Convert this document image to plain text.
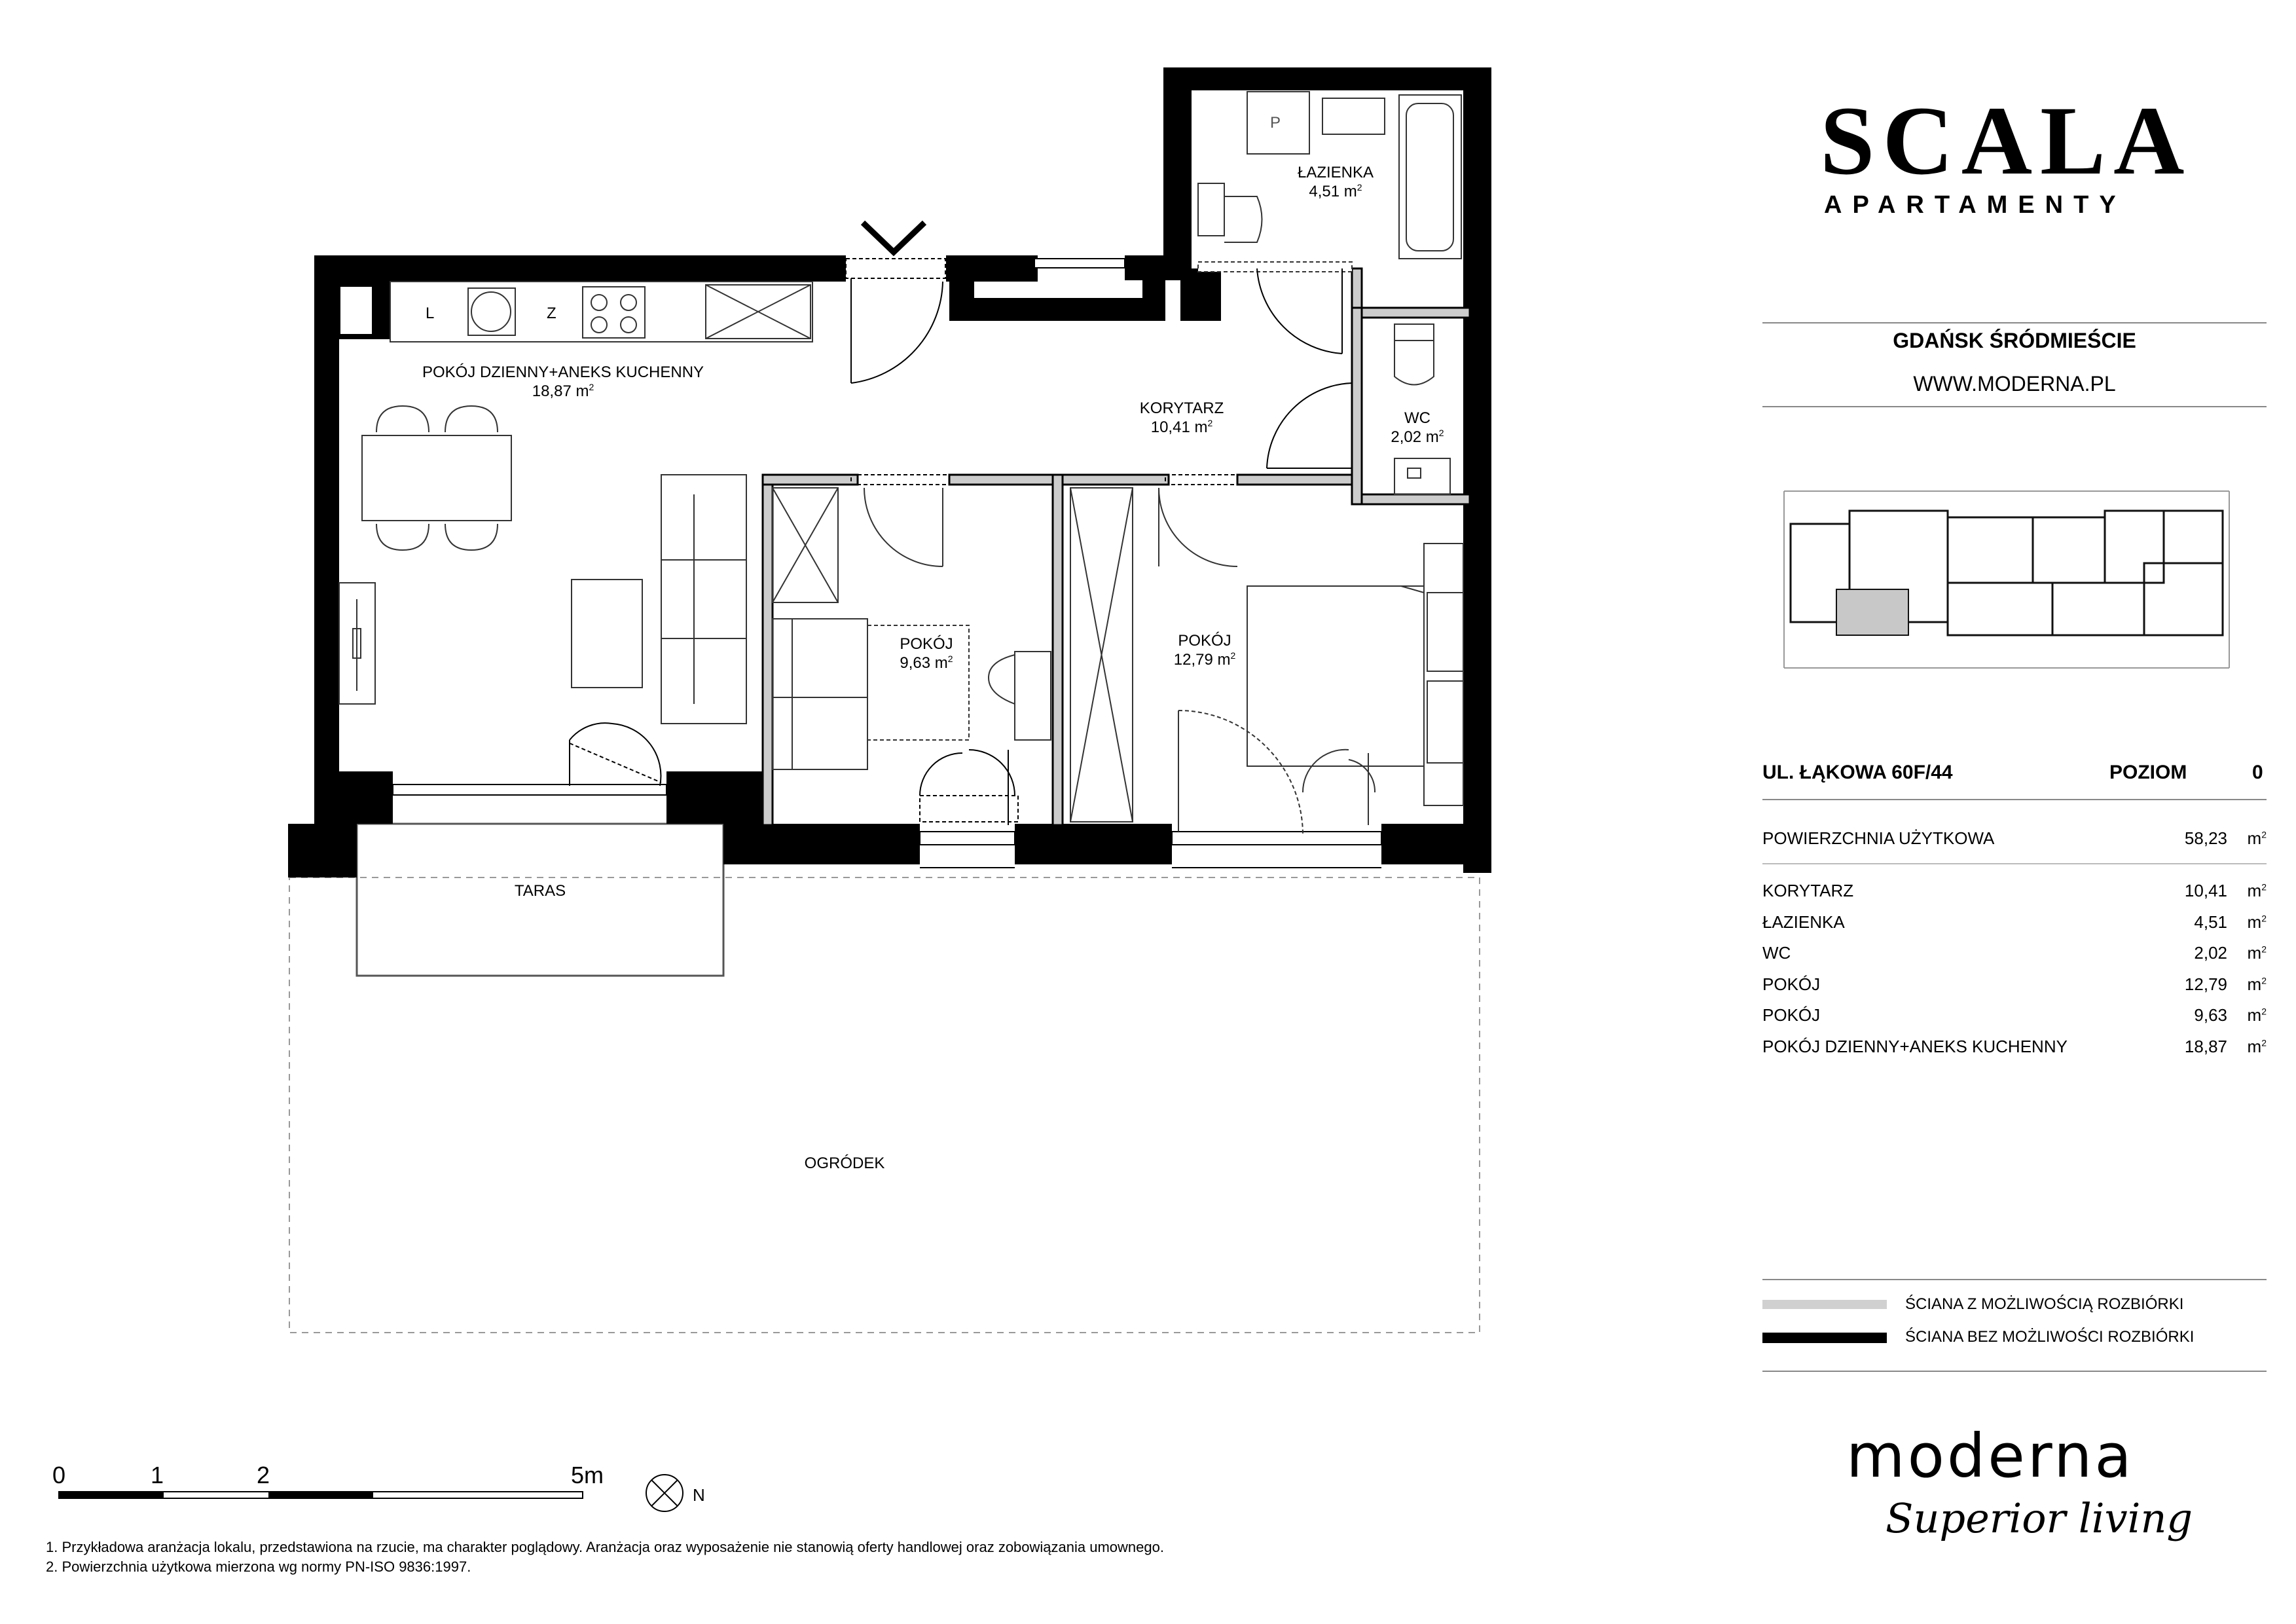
L	Z
P
POKÓJ DZIENNY+ANEKS KUCHENNY
18,87 $m^2$
ŁAZIENKA
4,51 $m^2$
KORYTARZ
10,41 $m^2$	WC
2,02 $m^2$
POKÓJ
9,63 $m^2$
POKÓJ
12,79 $m^2$
TARAS
OGRÓDEK
0	1	2	5m
N
1. Przykładowa aranżacja lokalu, przedstawiona na rzucie, ma charakter poglądowy. Aranżacja oraz wyposażenie nie stanowią oferty handlowej oraz zobowiązania umownego.
2. Powierzchnia użytkowa mierzona wg normy PN-ISO 9836:1997.
SCALA
APARTAMENTY
GDAŃSK ŚRÓDMIEŚCIE
WWW.MODERNA.PL
UL. ŁĄKOWA 60F/44	POZIOM	0
POWIERZCHNIA UŻYTKOWA	58,23 $m^2$
KORYTARZ	10,41 $m^2$
ŁAZIENKA	4,51 $m^2$
WC	2,02 $m^2$
POKÓJ	12,79 $m^2$
POKÓJ	9,63 $m^2$
POKÓJ DZIENNY+ANEKS KUCHENNY	18,87 $m^2$
ŚCIANA Z MOŻLIWOŚCIĄ ROZBIÓRKI
ŚCIANA BEZ MOŻLIWOŚCI ROZBIÓRKI
moderna
Superior living
